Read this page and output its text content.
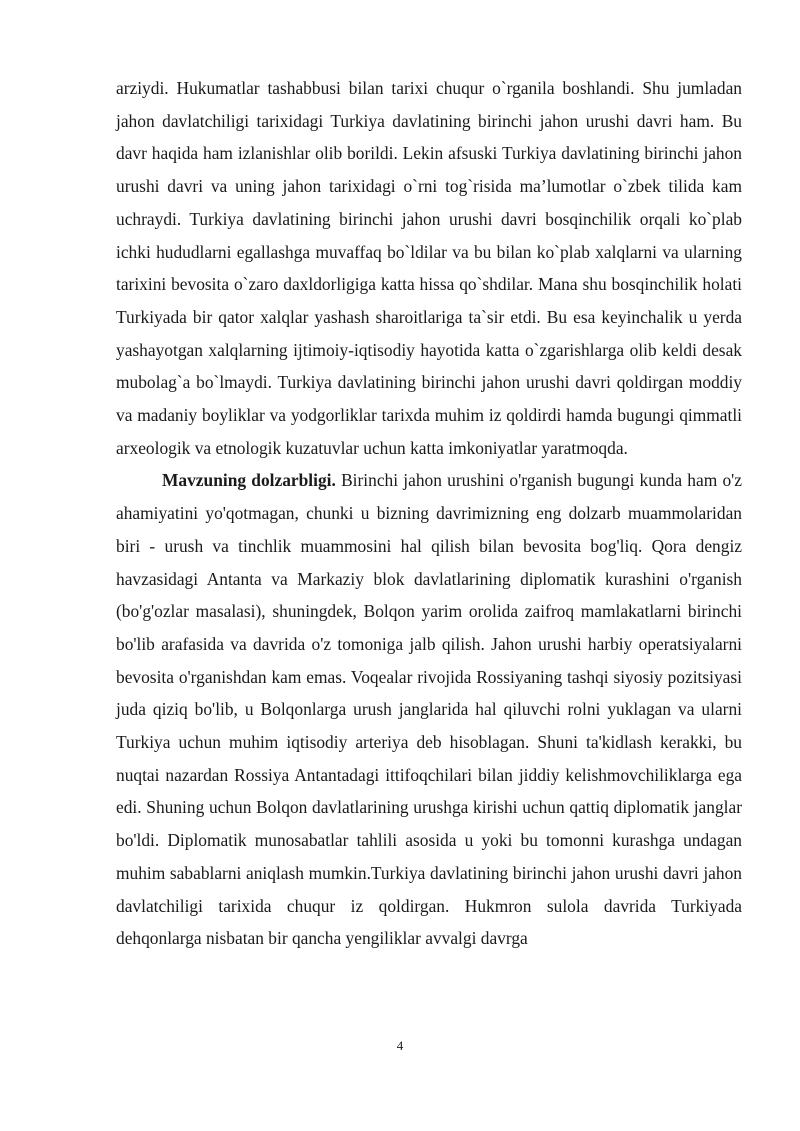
arziydi. Hukumatlar tashabbusi bilan tarixi chuqur o`rganila boshlandi. Shu jumladan jahon davlatchiligi tarixidagi Turkiya davlatining birinchi jahon urushi davri ham. Bu davr haqida ham izlanishlar olib borildi. Lekin afsuski Turkiya davlatining birinchi jahon urushi davri va uning jahon tarixidagi o`rni tog`risida ma’lumotlar o`zbek tilida kam uchraydi. Turkiya davlatining birinchi jahon urushi davri bosqinchilik orqali ko`plab ichki hududlarni egallashga muvaffaq bo`ldilar va bu bilan ko`plab xalqlarni va ularning tarixini bevosita o`zaro daxldorligiga katta hissa qo`shdilar. Mana shu bosqinchilik holati Turkiyada bir qator xalqlar yashash sharoitlariga ta`sir etdi. Bu esa keyinchalik u yerda yashayotgan xalqlarning ijtimoiy-iqtisodiy hayotida katta o`zgarishlarga olib keldi desak mubolag`a bo`lmaydi. Turkiya davlatining birinchi jahon urushi davri qoldirgan moddiy va madaniy boyliklar va yodgorliklar tarixda muhim iz qoldirdi hamda bugungi qimmatli arxeologik va etnologik kuzatuvlar uchun katta imkoniyatlar yaratmoqda.

Mavzuning dolzarbligi. Birinchi jahon urushini o'rganish bugungi kunda ham o'z ahamiyatini yo'qotmagan, chunki u bizning davrimizning eng dolzarb muammolaridan biri - urush va tinchlik muammosini hal qilish bilan bevosita bog'liq. Qora dengiz havzasidagi Antanta va Markaziy blok davlatlarining diplomatik kurashini o'rganish (bo'g'ozlar masalasi), shuningdek, Bolqon yarim orolida zaifroq mamlakatlarni birinchi bo'lib arafasida va davrida o'z tomoniga jalb qilish. Jahon urushi harbiy operatsiyalarni bevosita o'rganishdan kam emas. Voqealar rivojida Rossiyaning tashqi siyosiy pozitsiyasi juda qiziq bo'lib, u Bolqonlarga urush janglarida hal qiluvchi rolni yuklagan va ularni Turkiya uchun muhim iqtisodiy arteriya deb hisoblagan. Shuni ta'kidlash kerakki, bu nuqtai nazardan Rossiya Antantadagi ittifoqchilari bilan jiddiy kelishmovchiliklarga ega edi. Shuning uchun Bolqon davlatlarining urushga kirishi uchun qattiq diplomatik janglar bo'ldi. Diplomatik munosabatlar tahlili asosida u yoki bu tomonni kurashga undagan muhim sabablarni aniqlash mumkin.Turkiya davlatining birinchi jahon urushi davri jahon davlatchiligi tarixida chuqur iz qoldirgan. Hukmron sulola davrida Turkiyada dehqonlarga nisbatan bir qancha yengiliklar avvalgi davrga

4
